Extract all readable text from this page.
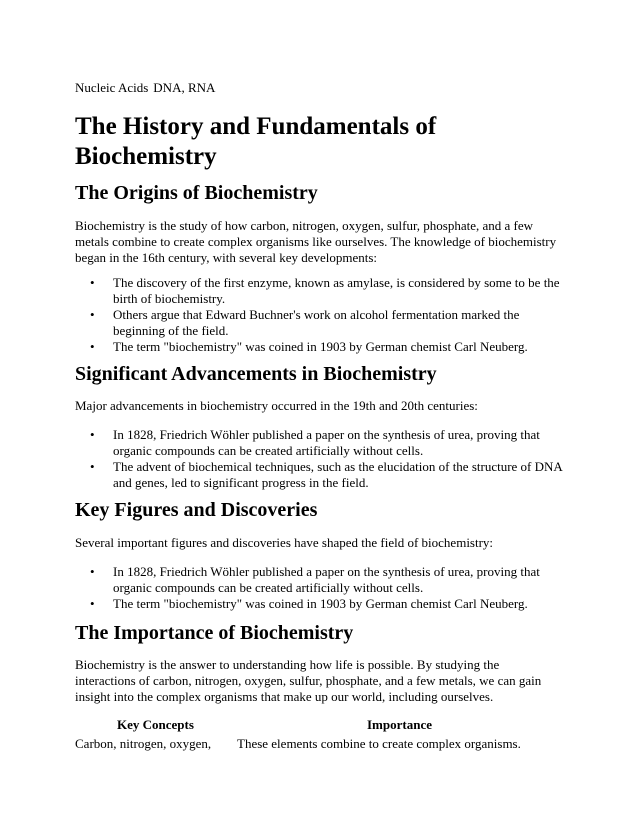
Nucleic Acids DNA, RNA
The History and Fundamentals of Biochemistry
The Origins of Biochemistry

Biochemistry is the study of how carbon, nitrogen, oxygen, sulfur, phosphate, and a few metals combine to create complex organisms like ourselves. The knowledge of biochemistry began in the 16th century, with several key developments:

• The discovery of the first enzyme, known as amylase, is considered by some to be the birth of biochemistry.
• Others argue that Edward Buchner's work on alcohol fermentation marked the beginning of the field.
• The term "biochemistry" was coined in 1903 by German chemist Carl Neuberg.
Significant Advancements in Biochemistry

Major advancements in biochemistry occurred in the 19th and 20th centuries:

• In 1828, Friedrich Wöhler published a paper on the synthesis of urea, proving that organic compounds can be created artificially without cells.
• The advent of biochemical techniques, such as the elucidation of the structure of DNA and genes, led to significant progress in the field.
Key Figures and Discoveries

Several important figures and discoveries have shaped the field of biochemistry:

• In 1828, Friedrich Wöhler published a paper on the synthesis of urea, proving that organic compounds can be created artificially without cells.
• The term "biochemistry" was coined in 1903 by German chemist Carl Neuberg.
The Importance of Biochemistry

Biochemistry is the answer to understanding how life is possible. By studying the interactions of carbon, nitrogen, oxygen, sulfur, phosphate, and a few metals, we can gain insight into the complex organisms that make up our world, including ourselves.

Key Concepts	Importance
Carbon, nitrogen, oxygen, These elements combine to create complex organisms.
